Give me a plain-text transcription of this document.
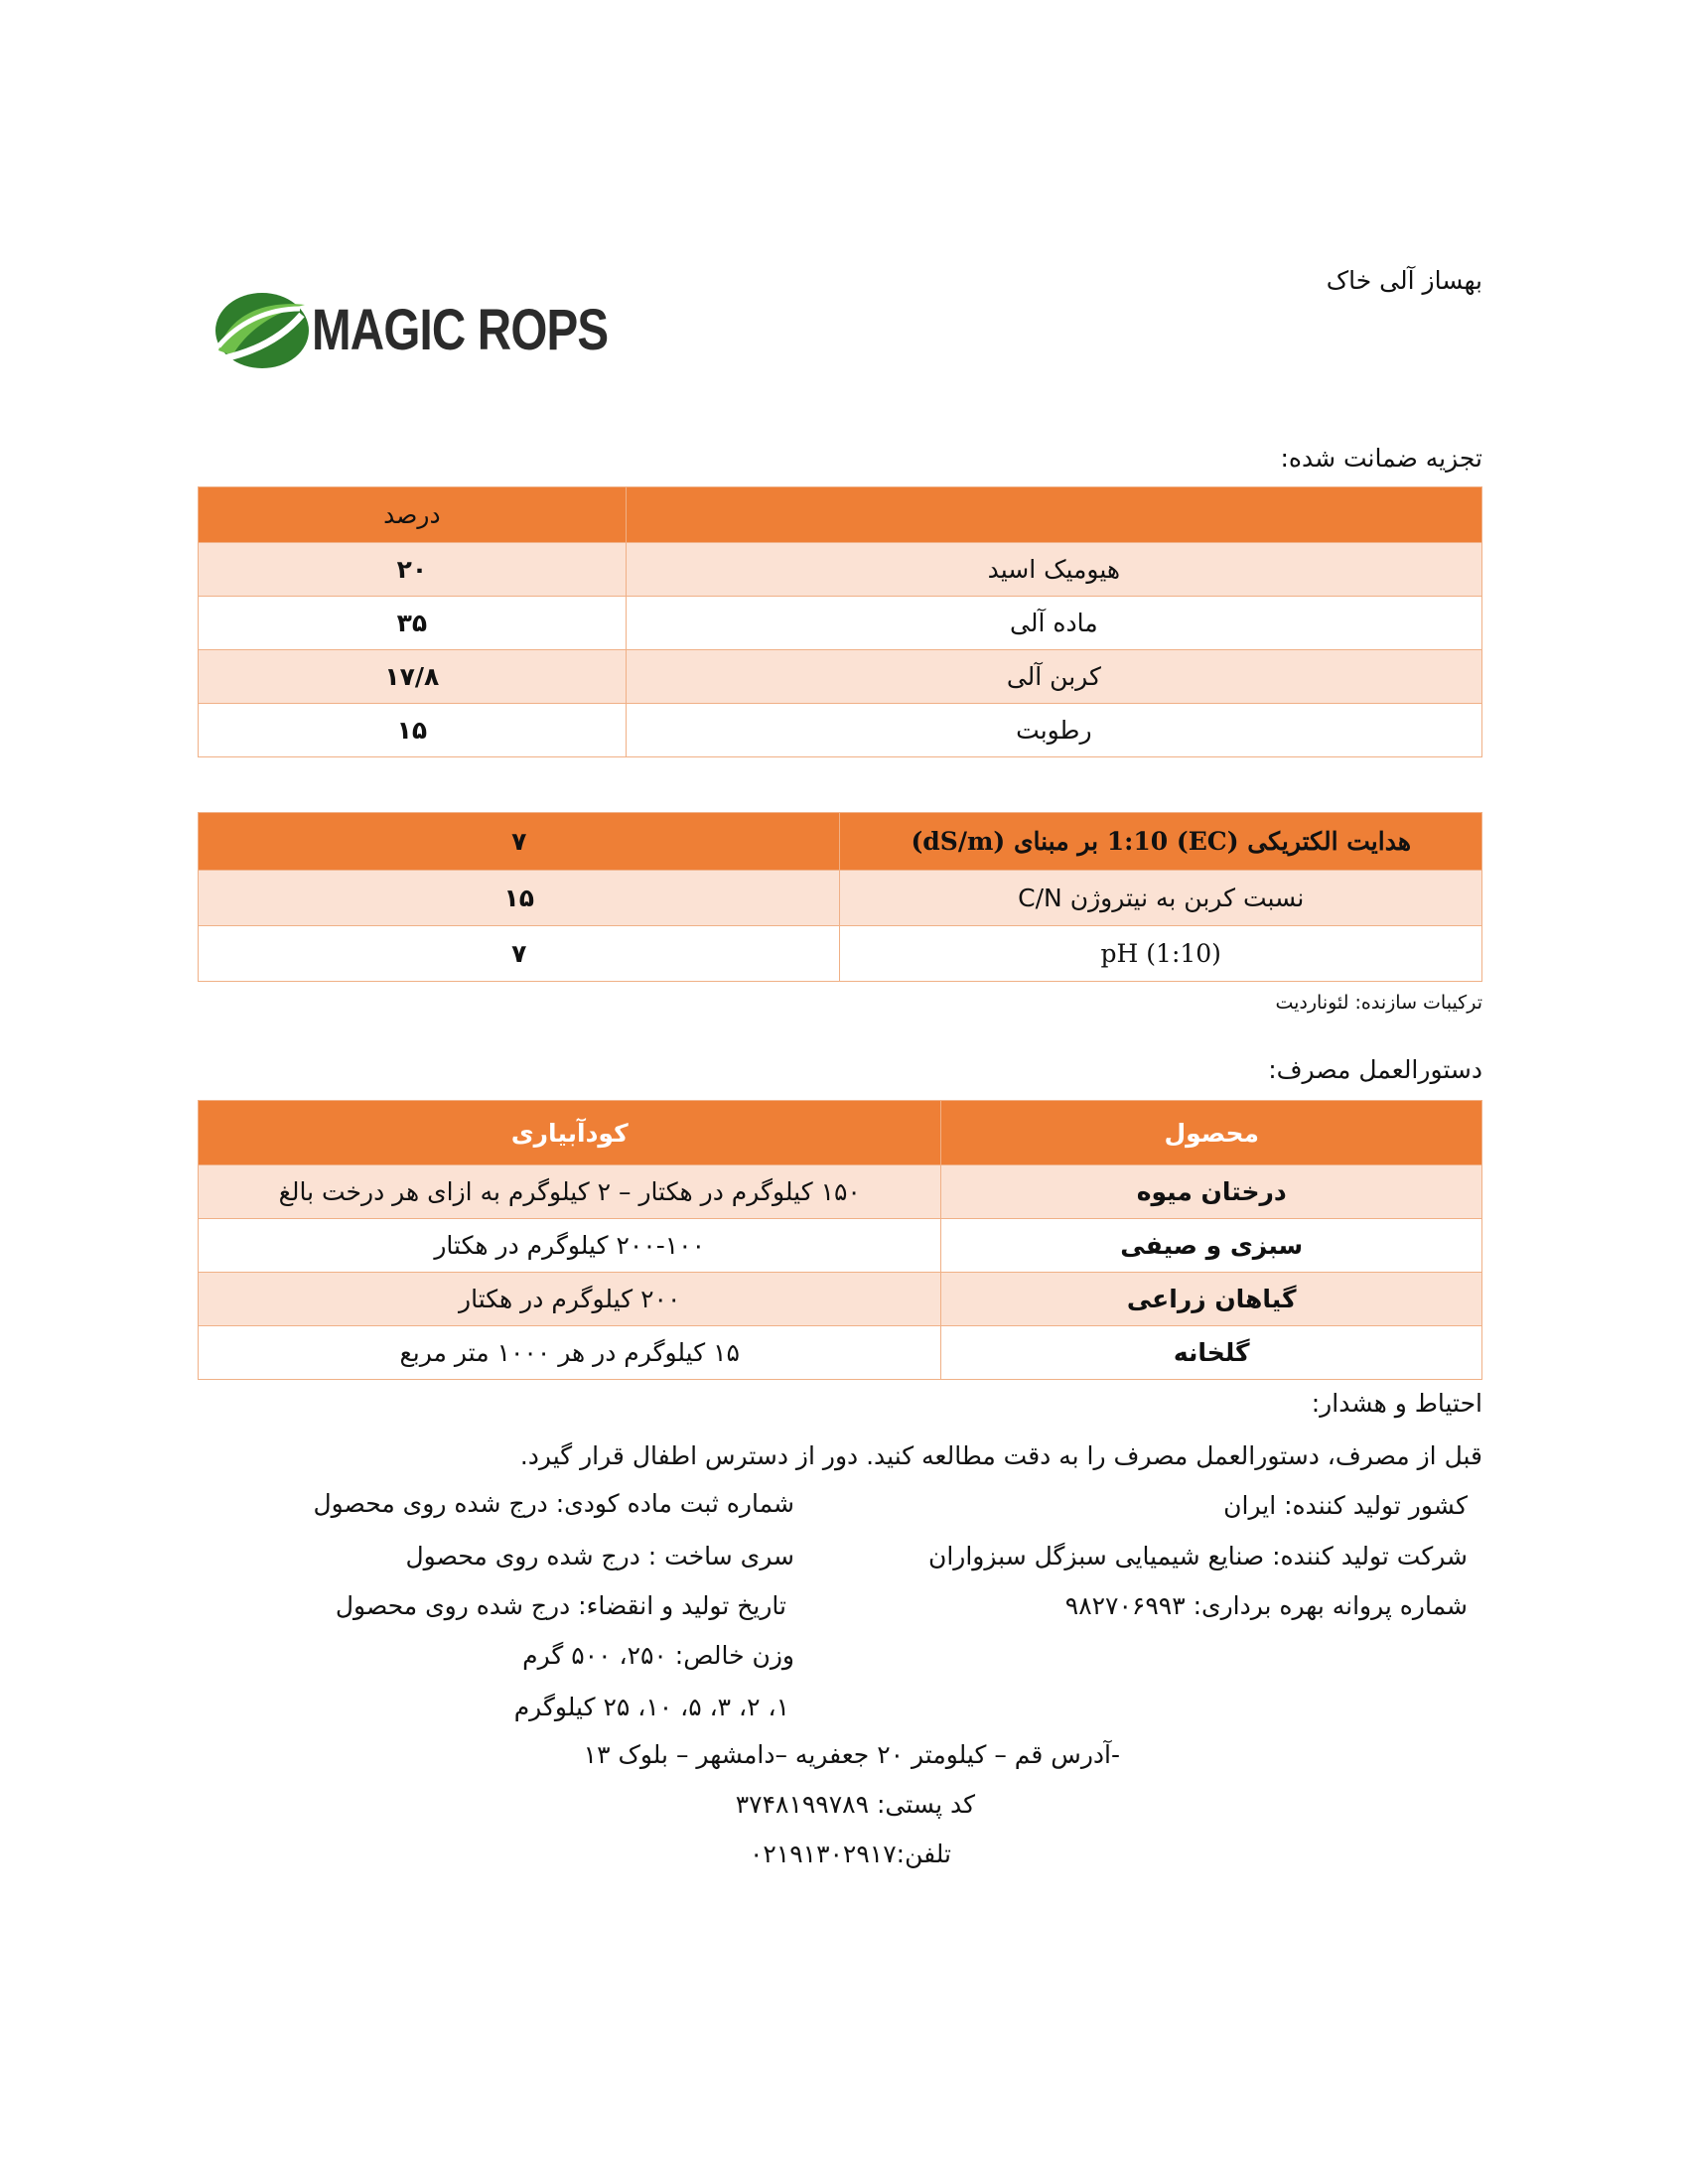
MAGIC ROPS
بهساز آلی خاک
تجزیه ضمانت شده:
	درصد
هیومیک اسید	۲۰
ماده آلی	۳۵
کربن آلی	۱۷/۸
رطوبت	۱۵
هدایت الکتریکی (EC) 1:10 بر مبنای (dS/m)	۷
نسبت کربن به نیتروژن C/N	۱۵
pH (1:10)	۷
ترکیبات سازنده: لئوناردیت
دستورالعمل مصرف:
محصول	کودآبیاری
درختان میوه	۱۵۰ کیلوگرم در هکتار – ۲ کیلوگرم به ازای هر درخت بالغ
سبزی و صیفی	۲۰۰-۱۰۰ کیلوگرم در هکتار
گیاهان زراعی	۲۰۰ کیلوگرم در هکتار
گلخانه	۱۵ کیلوگرم در هر ۱۰۰۰ متر مربع
احتیاط و هشدار:
قبل از مصرف، دستورالعمل مصرف را به دقت مطالعه کنید. دور از دسترس اطفال قرار گیرد.
کشور تولید کننده: ایران
شرکت تولید کننده: صنایع شیمیایی سبزگل سبزواران
شماره پروانه بهره برداری: ۹۸۲۷۰۶۹۹۳
شماره ثبت ماده کودی: درج شده روی محصول
سری ساخت : درج شده روی محصول
تاریخ تولید و انقضاء: درج شده روی محصول
وزن خالص: ۲۵۰، ۵۰۰ گرم
۱، ۲، ۳، ۵، ۱۰، ۲۵ کیلوگرم
-آدرس قم – کیلومتر ۲۰ جعفریه –دامشهر – بلوک ۱۳
کد پستی: ۳۷۴۸۱۹۹۷۸۹
تلفن:۰۲۱۹۱۳۰۲۹۱۷
